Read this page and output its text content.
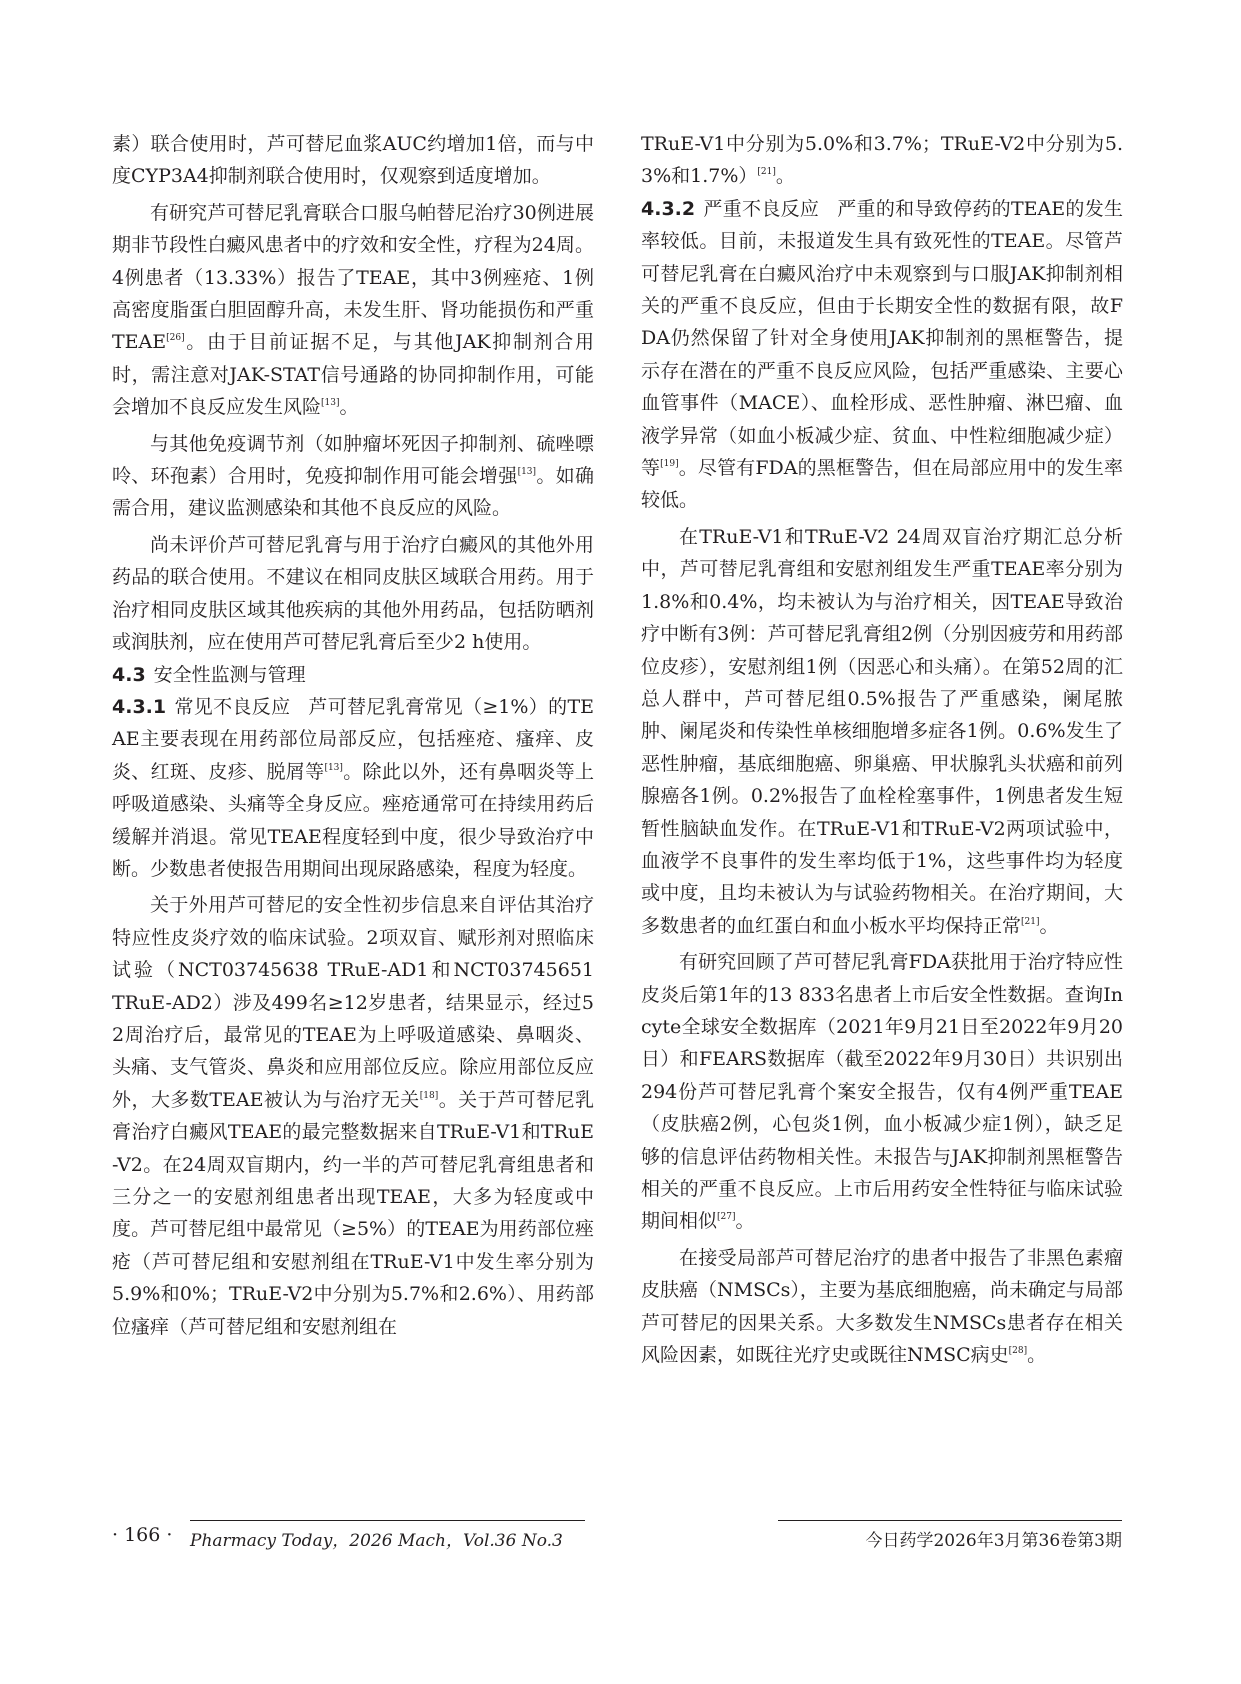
素）联合使用时，芦可替尼血浆AUC约增加1倍，而与中度CYP3A4抑制剂联合使用时，仅观察到适度增加。

有研究芦可替尼乳膏联合口服乌帕替尼治疗30例进展期非节段性白癜风患者中的疗效和安全性，疗程为24周。4例患者（13.33%）报告了TEAE，其中3例痤疮、1例高密度脂蛋白胆固醇升高，未发生肝、肾功能损伤和严重TEAE[26]。由于目前证据不足，与其他JAK抑制剂合用时，需注意对JAK-STAT信号通路的协同抑制作用，可能会增加不良反应发生风险[13]。

与其他免疫调节剂（如肿瘤坏死因子抑制剂、硫唑嘌呤、环孢素）合用时，免疫抑制作用可能会增强[13]。如确需合用，建议监测感染和其他不良反应的风险。

尚未评价芦可替尼乳膏与用于治疗白癜风的其他外用药品的联合使用。不建议在相同皮肤区域联合用药。用于治疗相同皮肤区域其他疾病的其他外用药品，包括防晒剂或润肤剂，应在使用芦可替尼乳膏后至少2 h使用。

4.3 安全性监测与管理

4.3.1 常见不良反应 芦可替尼乳膏常见（≥1%）的TEAE主要表现在用药部位局部反应，包括痤疮、瘙痒、皮炎、红斑、皮疹、脱屑等[13]。除此以外，还有鼻咽炎等上呼吸道感染、头痛等全身反应。痤疮通常可在持续用药后缓解并消退。常见TEAE程度轻到中度，很少导致治疗中断。少数患者使报告用期间出现尿路感染，程度为轻度。

关于外用芦可替尼的安全性初步信息来自评估其治疗特应性皮炎疗效的临床试验。2项双盲、赋形剂对照临床试验（NCT03745638 TRuE-AD1和NCT03745651 TRuE-AD2）涉及499名≥12岁患者，结果显示，经过52周治疗后，最常见的TEAE为上呼吸道感染、鼻咽炎、头痛、支气管炎、鼻炎和应用部位反应。除应用部位反应外，大多数TEAE被认为与治疗无关[18]。关于芦可替尼乳膏治疗白癜风TEAE的最完整数据来自TRuE-V1和TRuE-V2。在24周双盲期内，约一半的芦可替尼乳膏组患者和三分之一的安慰剂组患者出现TEAE，大多为轻度或中度。芦可替尼组中最常见（≥5%）的TEAE为用药部位痤疮（芦可替尼组和安慰剂组在TRuE-V1中发生率分别为5.9%和0%；TRuE-V2中分别为5.7%和2.6%）、用药部位瘙痒（芦可替尼组和安慰剂组在

TRuE-V1中分别为5.0%和3.7%；TRuE-V2中分别为5.3%和1.7%）[21]。

4.3.2 严重不良反应 严重的和导致停药的TEAE的发生率较低。目前，未报道发生具有致死性的TEAE。尽管芦可替尼乳膏在白癜风治疗中未观察到与口服JAK抑制剂相关的严重不良反应，但由于长期安全性的数据有限，故FDA仍然保留了针对全身使用JAK抑制剂的黑框警告，提示存在潜在的严重不良反应风险，包括严重感染、主要心血管事件（MACE）、血栓形成、恶性肿瘤、淋巴瘤、血液学异常（如血小板减少症、贫血、中性粒细胞减少症）等[19]。尽管有FDA的黑框警告，但在局部应用中的发生率较低。

在TRuE-V1和TRuE-V2 24周双盲治疗期汇总分析中，芦可替尼乳膏组和安慰剂组发生严重TEAE率分别为1.8%和0.4%，均未被认为与治疗相关，因TEAE导致治疗中断有3例：芦可替尼乳膏组2例（分别因疲劳和用药部位皮疹），安慰剂组1例（因恶心和头痛）。在第52周的汇总人群中，芦可替尼组0.5%报告了严重感染，阑尾脓肿、阑尾炎和传染性单核细胞增多症各1例。0.6%发生了恶性肿瘤，基底细胞癌、卵巢癌、甲状腺乳头状癌和前列腺癌各1例。0.2%报告了血栓栓塞事件，1例患者发生短暂性脑缺血发作。在TRuE-V1和TRuE-V2两项试验中，血液学不良事件的发生率均低于1%，这些事件均为轻度或中度，且均未被认为与试验药物相关。在治疗期间，大多数患者的血红蛋白和血小板水平均保持正常[21]。

有研究回顾了芦可替尼乳膏FDA获批用于治疗特应性皮炎后第1年的13 833名患者上市后安全性数据。查询Incyte全球安全数据库（2021年9月21日至2022年9月20日）和FEARS数据库（截至2022年9月30日）共识别出294份芦可替尼乳膏个案安全报告，仅有4例严重TEAE（皮肤癌2例，心包炎1例，血小板减少症1例），缺乏足够的信息评估药物相关性。未报告与JAK抑制剂黑框警告相关的严重不良反应。上市后用药安全性特征与临床试验期间相似[27]。

在接受局部芦可替尼治疗的患者中报告了非黑色素瘤皮肤癌（NMSCs），主要为基底细胞癌，尚未确定与局部芦可替尼的因果关系。大多数发生NMSCs患者存在相关风险因素，如既往光疗史或既往NMSC病史[28]。

· 166 · Pharmacy Today，2026 Mach，Vol.36 No.3	今日药学2026年3月第36卷第3期
